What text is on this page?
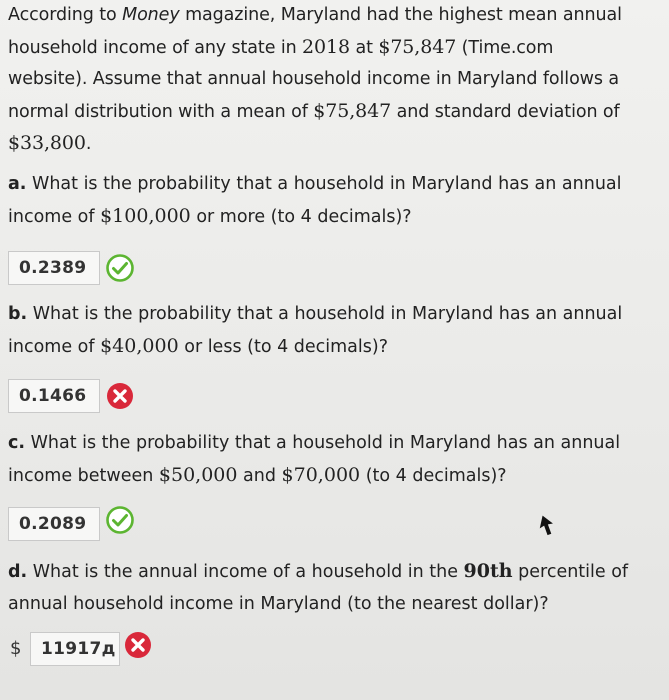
According to Money magazine, Maryland had the highest mean annual
household income of any state in 2018 at $75,847 (Time.com
website). Assume that annual household income in Maryland follows a
normal distribution with a mean of $75,847 and standard deviation of
$33,800.
a. What is the probability that a household in Maryland has an annual
income of $100,000 or more (to 4 decimals)?
0.2389
b. What is the probability that a household in Maryland has an annual
income of $40,000 or less (to 4 decimals)?
0.1466
c. What is the probability that a household in Maryland has an annual
income between $50,000 and $70,000 (to 4 decimals)?
0.2089
d. What is the annual income of a household in the 90th percentile of
annual household income in Maryland (to the nearest dollar)?
$	11917д
